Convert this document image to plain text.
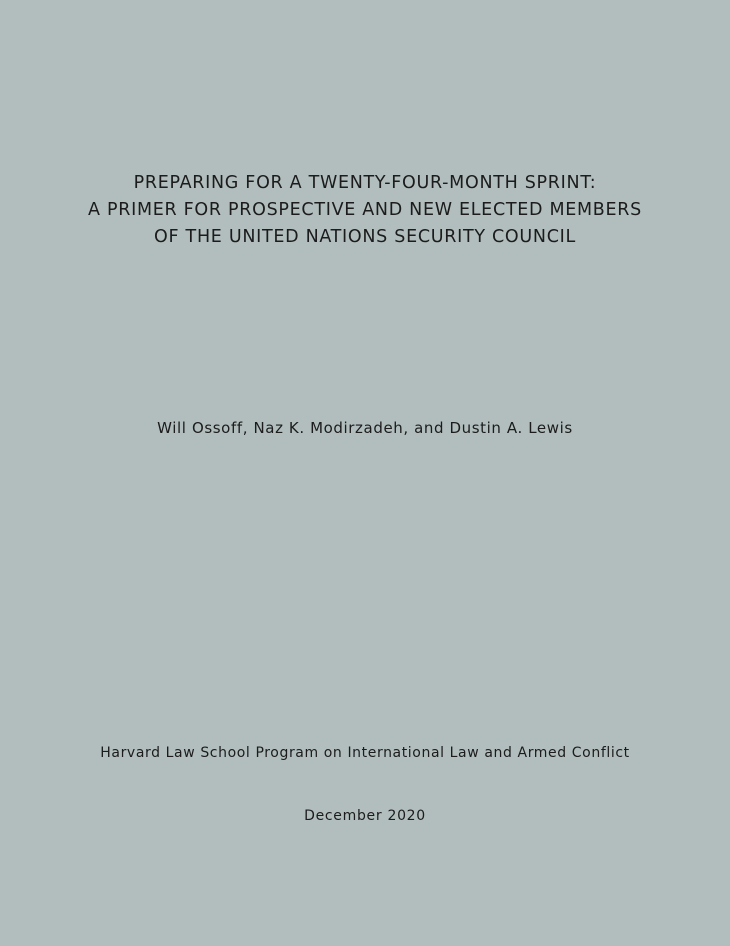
PREPARING FOR A TWENTY-FOUR-MONTH SPRINT:
A PRIMER FOR PROSPECTIVE AND NEW ELECTED MEMBERS
OF THE UNITED NATIONS SECURITY COUNCIL
Will Ossoff, Naz K. Modirzadeh, and Dustin A. Lewis
Harvard Law School Program on International Law and Armed Conflict
December 2020
